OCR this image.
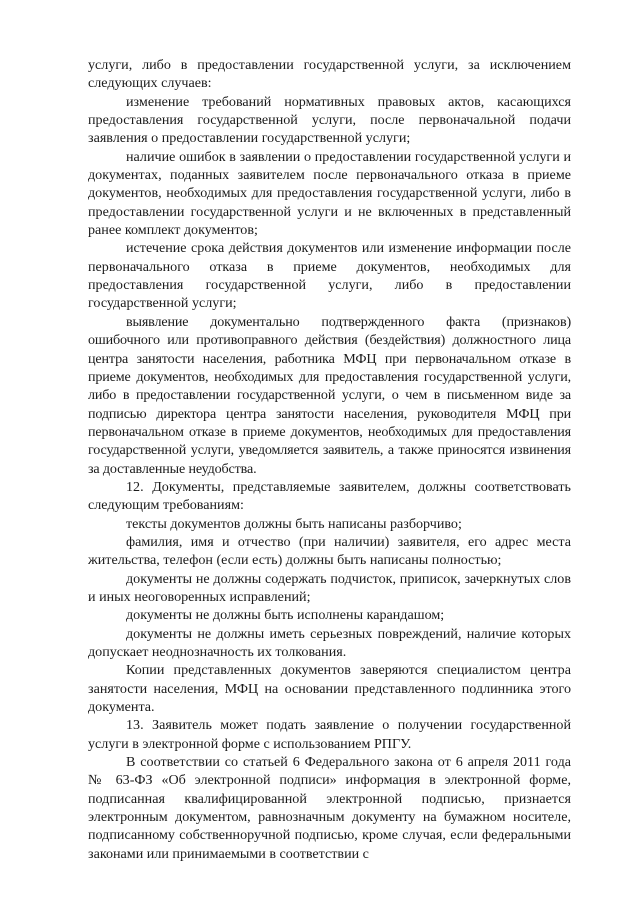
услуги, либо в предоставлении государственной услуги, за исключением следующих случаев:

изменение требований нормативных правовых актов, касающихся предоставления государственной услуги, после первоначальной подачи заявления о предоставлении государственной услуги;

наличие ошибок в заявлении о предоставлении государственной услуги и документах, поданных заявителем после первоначального отказа в приеме документов, необходимых для предоставления государственной услуги, либо в предоставлении государственной услуги и не включенных в представленный ранее комплект документов;

истечение срока действия документов или изменение информации после первоначального отказа в приеме документов, необходимых для предоставления государственной услуги, либо в предоставлении государственной услуги;

выявление документально подтвержденного факта (признаков) ошибочного или противоправного действия (бездействия) должностного лица центра занятости населения, работника МФЦ при первоначальном отказе в приеме документов, необходимых для предоставления государственной услуги, либо в предоставлении государственной услуги, о чем в письменном виде за подписью директора центра занятости населения, руководителя МФЦ при первоначальном отказе в приеме документов, необходимых для предоставления государственной услуги, уведомляется заявитель, а также приносятся извинения за доставленные неудобства.

12. Документы, представляемые заявителем, должны соответствовать следующим требованиям:

тексты документов должны быть написаны разборчиво;

фамилия, имя и отчество (при наличии) заявителя, его адрес места жительства, телефон (если есть) должны быть написаны полностью;

документы не должны содержать подчисток, приписок, зачеркнутых слов и иных неоговоренных исправлений;

документы не должны быть исполнены карандашом;

документы не должны иметь серьезных повреждений, наличие которых допускает неоднозначность их толкования.

Копии представленных документов заверяются специалистом центра занятости населения, МФЦ на основании представленного подлинника этого документа.

13. Заявитель может подать заявление о получении государственной услуги в электронной форме с использованием РПГУ.

В соответствии со статьей 6 Федерального закона от 6 апреля 2011 года № 63-ФЗ «Об электронной подписи» информация в электронной форме, подписанная квалифицированной электронной подписью, признается электронным документом, равнозначным документу на бумажном носителе, подписанному собственноручной подписью, кроме случая, если федеральными законами или принимаемыми в соответствии с
